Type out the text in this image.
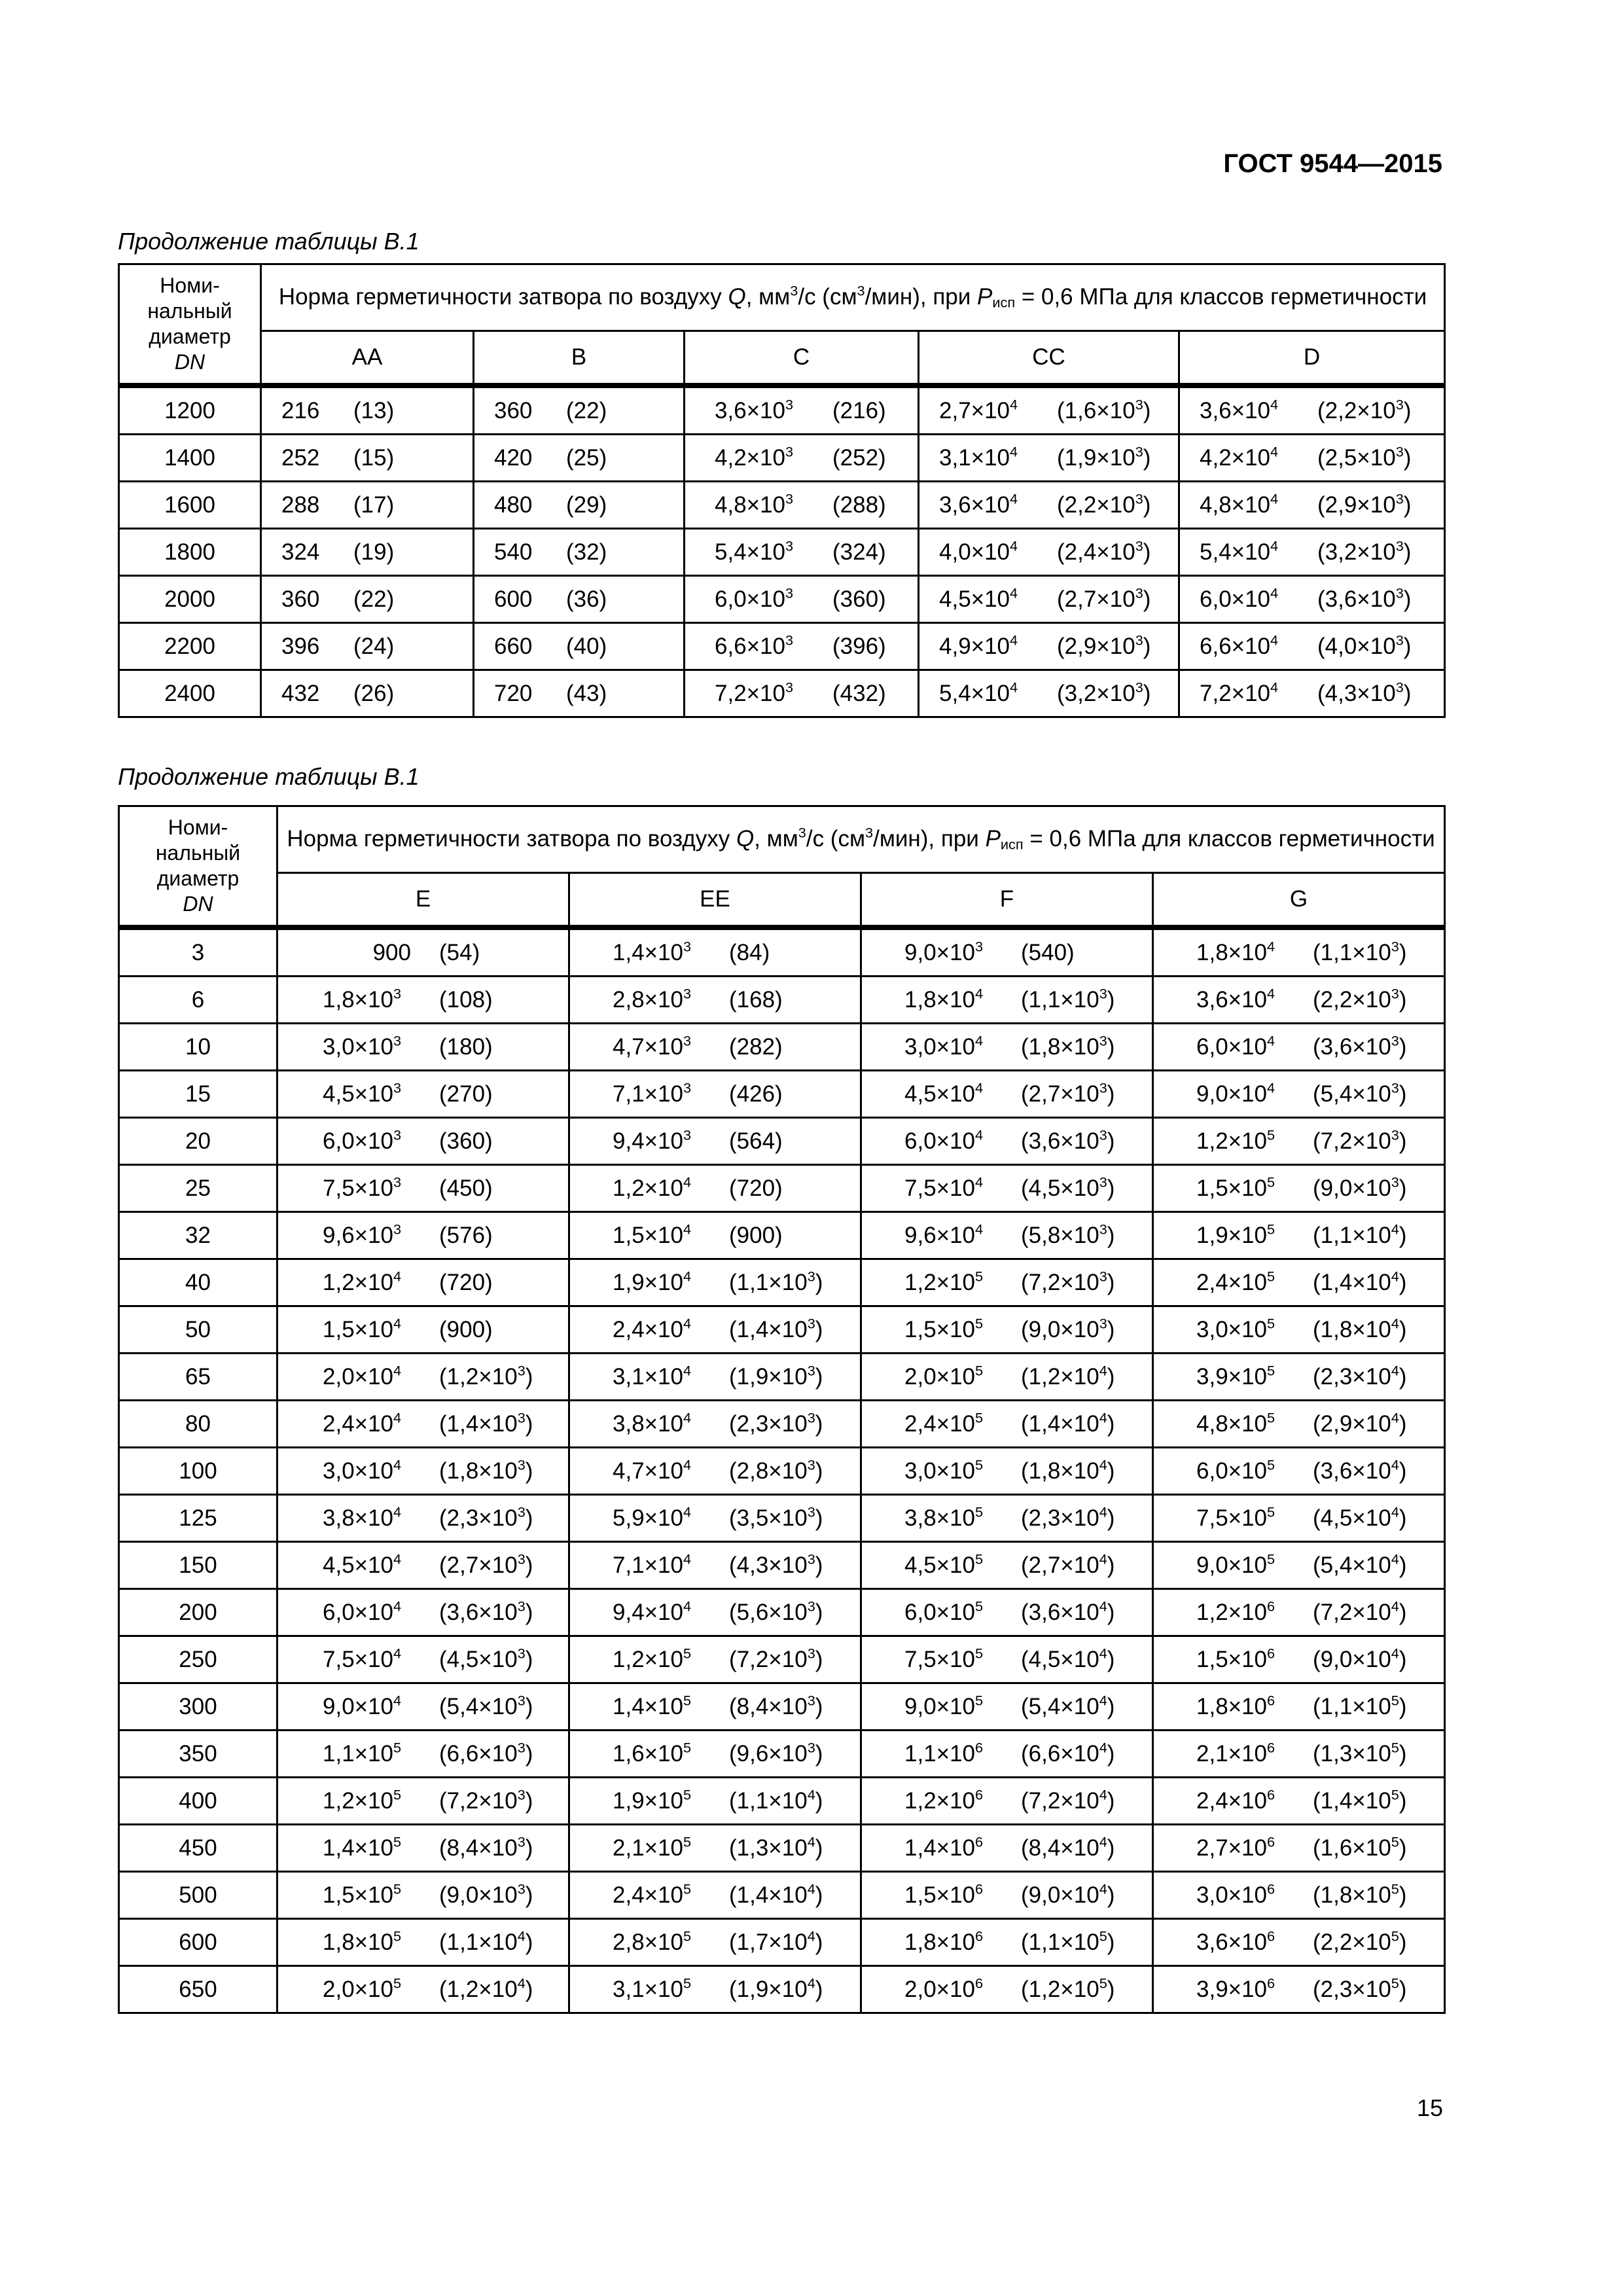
ГОСТ 9544—2015
Продолжение таблицы В.1
Номи-
нальный
диаметр
DN	Норма герметичности затвора по воздуху Q, $мм^3/с$ $(см^3/мин)$, при $P_{исп} = 0,6$ МПа для классов герметичности				
	AA	B	C	CC	D
1200	216 (13)	360 (22)	$3,6\times 10^3$ (216)	$2,7\times 10^4$ $(1,6\times 10^3)$	$3,6\times 10^4$ $(2,2\times 10^3)$

1400	252 (15)	420 (25)	$4,2\times 10^3$ (252)	$3,1\times 10^4$ $(1,9\times 10^3)$	$4,2\times 10^4$ $(2,5\times 10^3)$

1600	288 (17)	480 (29)	$4,8\times 10^3$ (288)	$3,6\times 10^4$ $(2,2\times 10^3)$	$4,8\times 10^4$ $(2,9\times 10^3)$

1800	324 (19)	540 (32)	$5,4\times 10^3$ (324)	$4,0\times 10^4$ $(2,4\times 10^3)$	$5,4\times 10^4$ $(3,2\times 10^3)$

2000	360 (22)	600 (36)	$6,0\times 10^3$ (360)	$4,5\times 10^4$ $(2,7\times 10^3)$	$6,0\times 10^4$ $(3,6\times 10^3)$

2200	396 (24)	660 (40)	$6,6\times 10^3$ (396)	$4,9\times 10^4$ $(2,9\times 10^3)$	$6,6\times 10^4$ $(4,0\times 10^3)$

2400	432 (26)	720 (43)	$7,2\times 10^3$ (432)	$5,4\times 10^4$ $(3,2\times 10^3)$	$7,2\times 10^4$ $(4,3\times 10^3)$
Продолжение таблицы В.1
Номи-
нальный
диаметр
DN	Норма герметичности затвора по воздуху Q, $мм^3/с$ $(см^3/мин)$, при $P_{исп} = 0,6$ МПа для классов герметичности			
	E	EE	F	G
3	900 (54)	$1,4\times 10^3$ (84)	$9,0\times 10^3$ (540)	$1,8\times 10^4$ $(1,1\times 10^3)$

6	$1,8\times 10^3$ (108)	$2,8\times 10^3$ (168)	$1,8\times 10^4$ $(1,1\times 10^3)$	$3,6\times 10^4$ $(2,2\times 10^3)$

10	$3,0\times 10^3$ (180)	$4,7\times 10^3$ (282)	$3,0\times 10^4$ $(1,8\times 10^3)$	$6,0\times 10^4$ $(3,6\times 10^3)$

15	$4,5\times 10^3$ (270)	$7,1\times 10^3$ (426)	$4,5\times 10^4$ $(2,7\times 10^3)$	$9,0\times 10^4$ $(5,4\times 10^3)$

20	$6,0\times 10^3$ (360)	$9,4\times 10^3$ (564)	$6,0\times 10^4$ $(3,6\times 10^3)$	$1,2\times 10^5$ $(7,2\times 10^3)$

25	$7,5\times 10^3$ (450)	$1,2\times 10^4$ (720)	$7,5\times 10^4$ $(4,5\times 10^3)$	$1,5\times 10^5$ $(9,0\times 10^3)$

32	$9,6\times 10^3$ (576)	$1,5\times 10^4$ (900)	$9,6\times 10^4$ $(5,8\times 10^3)$	$1,9\times 10^5$ $(1,1\times 10^4)$

40	$1,2\times 10^4$ (720)	$1,9\times 10^4$ $(1,1\times 10^3)$	$1,2\times 10^5$ $(7,2\times 10^3)$	$2,4\times 10^5$ $(1,4\times 10^4)$

50	$1,5\times 10^4$ (900)	$2,4\times 10^4$ $(1,4\times 10^3)$	$1,5\times 10^5$ $(9,0\times 10^3)$	$3,0\times 10^5$ $(1,8\times 10^4)$

65	$2,0\times 10^4$ $(1,2\times 10^3)$	$3,1\times 10^4$ $(1,9\times 10^3)$	$2,0\times 10^5$ $(1,2\times 10^4)$	$3,9\times 10^5$ $(2,3\times 10^4)$

80	$2,4\times 10^4$ $(1,4\times 10^3)$	$3,8\times 10^4$ $(2,3\times 10^3)$	$2,4\times 10^5$ $(1,4\times 10^4)$	$4,8\times 10^5$ $(2,9\times 10^4)$

100	$3,0\times 10^4$ $(1,8\times 10^3)$	$4,7\times 10^4$ $(2,8\times 10^3)$	$3,0\times 10^5$ $(1,8\times 10^4)$	$6,0\times 10^5$ $(3,6\times 10^4)$

125	$3,8\times 10^4$ $(2,3\times 10^3)$	$5,9\times 10^4$ $(3,5\times 10^3)$	$3,8\times 10^5$ $(2,3\times 10^4)$	$7,5\times 10^5$ $(4,5\times 10^4)$

150	$4,5\times 10^4$ $(2,7\times 10^3)$	$7,1\times 10^4$ $(4,3\times 10^3)$	$4,5\times 10^5$ $(2,7\times 10^4)$	$9,0\times 10^5$ $(5,4\times 10^4)$

200	$6,0\times 10^4$ $(3,6\times 10^3)$	$9,4\times 10^4$ $(5,6\times 10^3)$	$6,0\times 10^5$ $(3,6\times 10^4)$	$1,2\times 10^6$ $(7,2\times 10^4)$

250	$7,5\times 10^4$ $(4,5\times 10^3)$	$1,2\times 10^5$ $(7,2\times 10^3)$	$7,5\times 10^5$ $(4,5\times 10^4)$	$1,5\times 10^6$ $(9,0\times 10^4)$

300	$9,0\times 10^4$ $(5,4\times 10^3)$	$1,4\times 10^5$ $(8,4\times 10^3)$	$9,0\times 10^5$ $(5,4\times 10^4)$	$1,8\times 10^6$ $(1,1\times 10^5)$

350	$1,1\times 10^5$ $(6,6\times 10^3)$	$1,6\times 10^5$ $(9,6\times 10^3)$	$1,1\times 10^6$ $(6,6\times 10^4)$	$2,1\times 10^6$ $(1,3\times 10^5)$

400	$1,2\times 10^5$ $(7,2\times 10^3)$	$1,9\times 10^5$ $(1,1\times 10^4)$	$1,2\times 10^6$ $(7,2\times 10^4)$	$2,4\times 10^6$ $(1,4\times 10^5)$

450	$1,4\times 10^5$ $(8,4\times 10^3)$	$2,1\times 10^5$ $(1,3\times 10^4)$	$1,4\times 10^6$ $(8,4\times 10^4)$	$2,7\times 10^6$ $(1,6\times 10^5)$

500	$1,5\times 10^5$ $(9,0\times 10^3)$	$2,4\times 10^5$ $(1,4\times 10^4)$	$1,5\times 10^6$ $(9,0\times 10^4)$	$3,0\times 10^6$ $(1,8\times 10^5)$

600	$1,8\times 10^5$ $(1,1\times 10^4)$	$2,8\times 10^5$ $(1,7\times 10^4)$	$1,8\times 10^6$ $(1,1\times 10^5)$	$3,6\times 10^6$ $(2,2\times 10^5)$

650	$2,0\times 10^5$ $(1,2\times 10^4)$	$3,1\times 10^5$ $(1,9\times 10^4)$	$2,0\times 10^6$ $(1,2\times 10^5)$	$3,9\times 10^6$ $(2,3\times 10^5)$
15
